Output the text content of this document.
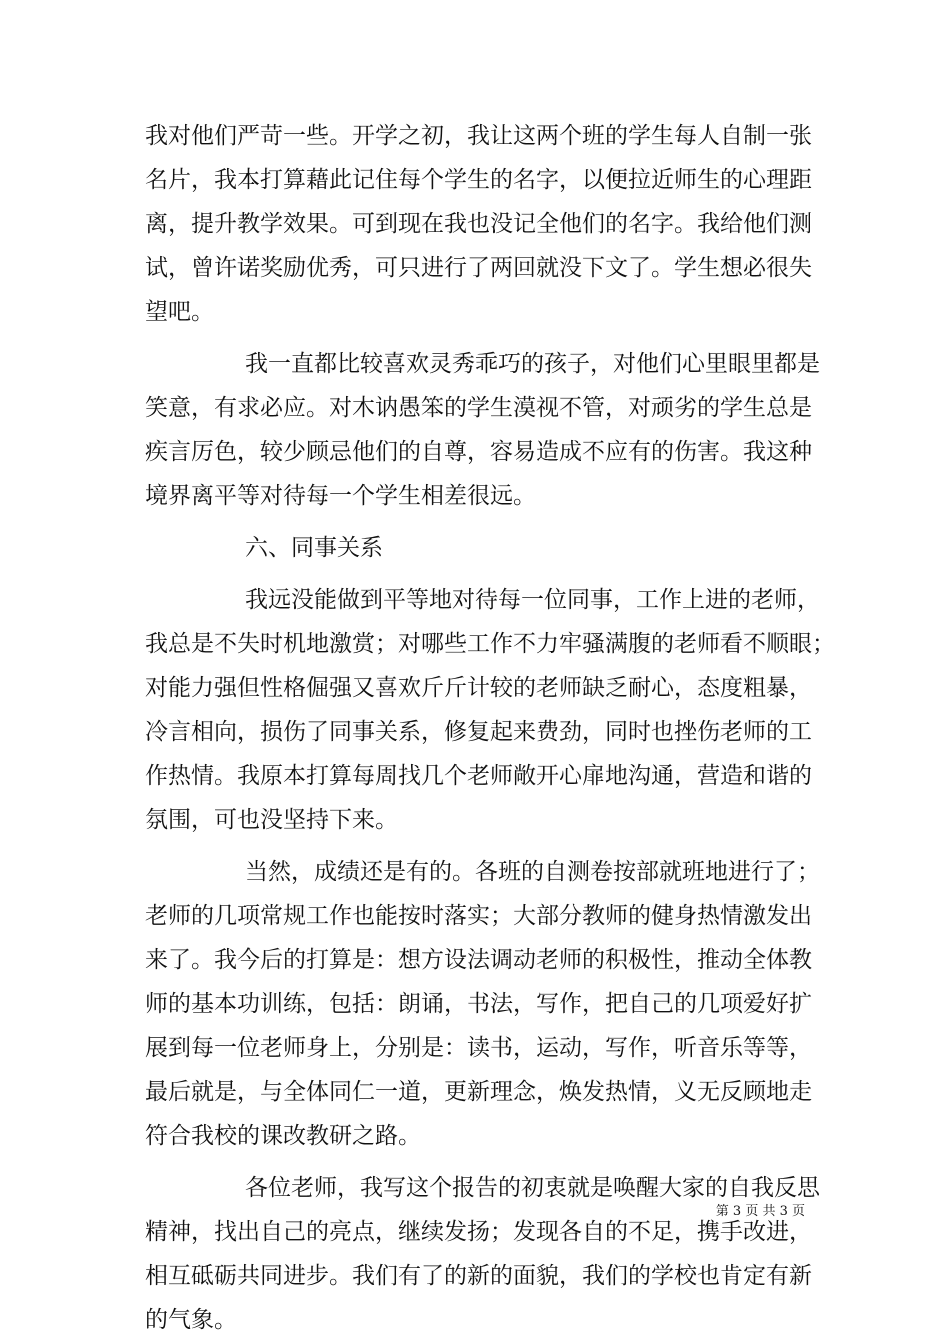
我对他们严苛一些。开学之初，我让这两个班的学生每人自制一张
名片，我本打算藉此记住每个学生的名字，以便拉近师生的心理距
离，提升教学效果。可到现在我也没记全他们的名字。我给他们测
试，曾许诺奖励优秀，可只进行了两回就没下文了。学生想必很失
望吧。
我一直都比较喜欢灵秀乖巧的孩子，对他们心里眼里都是
笑意，有求必应。对木讷愚笨的学生漠视不管，对顽劣的学生总是
疾言厉色，较少顾忌他们的自尊，容易造成不应有的伤害。我这种
境界离平等对待每一个学生相差很远。
六、同事关系
我远没能做到平等地对待每一位同事，工作上进的老师，
我总是不失时机地激赏；对哪些工作不力牢骚满腹的老师看不顺眼；
对能力强但性格倔强又喜欢斤斤计较的老师缺乏耐心，态度粗暴，
冷言相向，损伤了同事关系，修复起来费劲，同时也挫伤老师的工
作热情。我原本打算每周找几个老师敞开心扉地沟通，营造和谐的
氛围，可也没坚持下来。
当然，成绩还是有的。各班的自测卷按部就班地进行了；
老师的几项常规工作也能按时落实；大部分教师的健身热情激发出
来了。我今后的打算是：想方设法调动老师的积极性，推动全体教
师的基本功训练，包括：朗诵，书法，写作，把自己的几项爱好扩
展到每一位老师身上，分别是：读书，运动，写作，听音乐等等，
最后就是，与全体同仁一道，更新理念，焕发热情，义无反顾地走
符合我校的课改教研之路。
各位老师，我写这个报告的初衷就是唤醒大家的自我反思
精神，找出自己的亮点，继续发扬；发现各自的不足，携手改进，
相互砥砺共同进步。我们有了的新的面貌，我们的学校也肯定有新
的气象。
第 3 页 共 3 页
